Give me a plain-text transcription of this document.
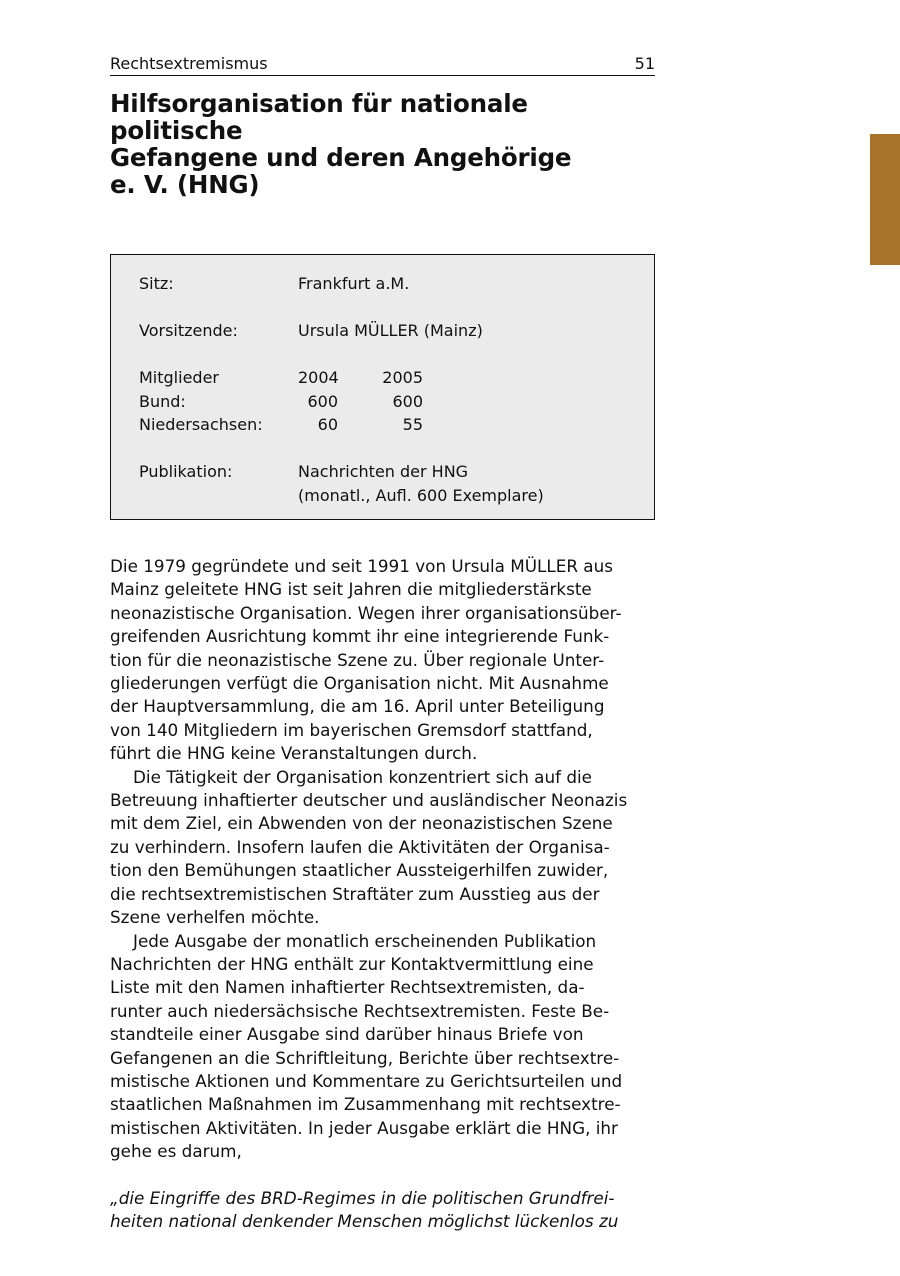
Rechtsextremismus	51
Hilfsorganisation für nationale politische
Gefangene und deren Angehörige
e. V. (HNG)
Sitz:	Frankfurt a.M.
Vorsitzende:	Ursula MÜLLER (Mainz)
Mitglieder	2004	2005
Bund:	600	600
Niedersachsen:	60	55
Publikation:	Nachrichten der HNG
(monatl., Aufl. 600 Exemplare)

Die 1979 gegründete und seit 1991 von Ursula MÜLLER aus
Mainz geleitete HNG ist seit Jahren die mitgliederstärkste
neonazistische Organisation. Wegen ihrer organisationsüber-
greifenden Ausrichtung kommt ihr eine integrierende Funk-
tion für die neonazistische Szene zu. Über regionale Unter-
gliederungen verfügt die Organisation nicht. Mit Ausnahme
der Hauptversammlung, die am 16. April unter Beteiligung
von 140 Mitgliedern im bayerischen Gremsdorf stattfand,
führt die HNG keine Veranstaltungen durch.

Die Tätigkeit der Organisation konzentriert sich auf die
Betreuung inhaftierter deutscher und ausländischer Neonazis
mit dem Ziel, ein Abwenden von der neonazistischen Szene
zu verhindern. Insofern laufen die Aktivitäten der Organisa-
tion den Bemühungen staatlicher Aussteigerhilfen zuwider,
die rechtsextremistischen Straftäter zum Ausstieg aus der
Szene verhelfen möchte.

Jede Ausgabe der monatlich erscheinenden Publikation
Nachrichten der HNG enthält zur Kontaktvermittlung eine
Liste mit den Namen inhaftierter Rechtsextremisten, da-
runter auch niedersächsische Rechtsextremisten. Feste Be-
standteile einer Ausgabe sind darüber hinaus Briefe von
Gefangenen an die Schriftleitung, Berichte über rechtsextre-
mistische Aktionen und Kommentare zu Gerichtsurteilen und
staatlichen Maßnahmen im Zusammenhang mit rechtsextre-
mistischen Aktivitäten. In jeder Ausgabe erklärt die HNG, ihr
gehe es darum,

„die Eingriffe des BRD-Regimes in die politischen Grundfrei-
heiten national denkender Menschen möglichst lückenlos zu
